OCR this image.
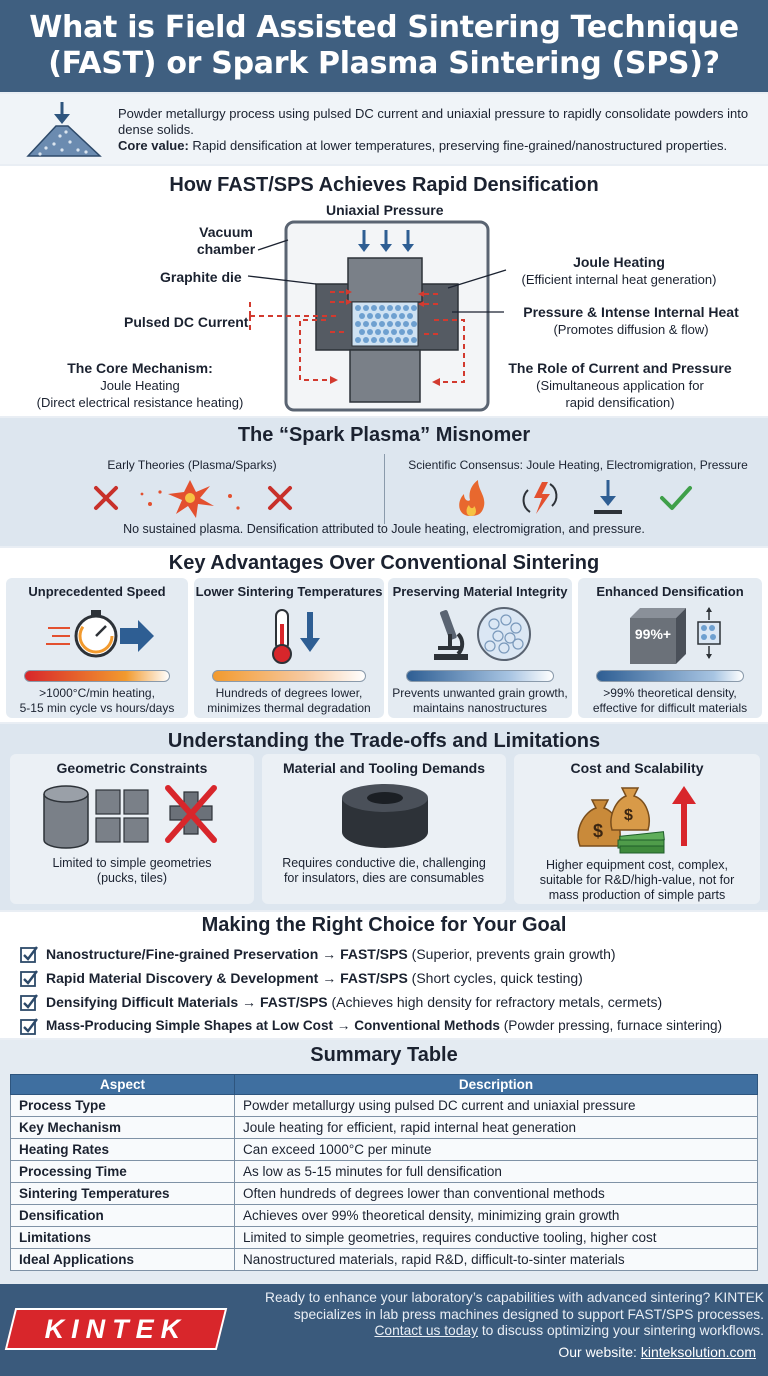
What is Field Assisted Sintering Technique
(FAST) or Spark Plasma Sintering (SPS)?
Powder metallurgy process using pulsed DC current and uniaxial pressure to rapidly consolidate powders into dense solids.
Core value: Rapid densification at lower temperatures, preserving fine-grained/nanostructured properties.
How FAST/SPS Achieves Rapid Densification
Uniaxial Pressure
Vacuum
chamber
Graphite die
Pulsed DC Current
The Core Mechanism:
Joule Heating
(Direct electrical resistance heating)
Joule Heating
(Efficient internal heat generation)
Pressure & Intense Internal Heat
(Promotes diffusion & flow)
The Role of Current and Pressure
(Simultaneous application for
rapid densification)
The “Spark Plasma” Misnomer
Early Theories (Plasma/Sparks)	Scientific Consensus: Joule Heating, Electromigration, Pressure
No sustained plasma. Densification attributed to Joule heating, electromigration, and pressure.
Key Advantages Over Conventional Sintering
Unprecedented Speed
>1000°C/min heating,
5-15 min cycle vs hours/days
Lower Sintering Temperatures
Hundreds of degrees lower,
minimizes thermal degradation
Preserving Material Integrity
Prevents unwanted grain growth,
maintains nanostructures
Enhanced Densification
99%+
>99% theoretical density,
effective for difficult materials
Understanding the Trade-offs and Limitations
Geometric Constraints
Limited to simple geometries
(pucks, tiles)
Material and Tooling Demands
Requires conductive die, challenging
for insulators, dies are consumables
Cost and Scalability
$
$
Higher equipment cost, complex,
suitable for R&D/high-value, not for
mass production of simple parts
Making the Right Choice for Your Goal
Nanostructure/Fine-grained Preservation → FAST/SPS (Superior, prevents grain growth)
Rapid Material Discovery & Development → FAST/SPS (Short cycles, quick testing)
Densifying Difficult Materials → FAST/SPS (Achieves high density for refractory metals, cermets)
Mass-Producing Simple Shapes at Low Cost → Conventional Methods (Powder pressing, furnace sintering)
Summary Table
Aspect	Description
Process Type	Powder metallurgy using pulsed DC current and uniaxial pressure
Key Mechanism	Joule heating for efficient, rapid internal heat generation
Heating Rates	Can exceed 1000°C per minute
Processing Time	As low as 5-15 minutes for full densification
Sintering Temperatures	Often hundreds of degrees lower than conventional methods
Densification	Achieves over 99% theoretical density, minimizing grain growth
Limitations	Limited to simple geometries, requires conductive tooling, higher cost
Ideal Applications	Nanostructured materials, rapid R&D, difficult-to-sinter materials
KINTEK
Ready to enhance your laboratory’s capabilities with advanced sintering? KINTEK specializes in lab press machines designed to support FAST/SPS processes. Contact us today to discuss optimizing your sintering workflows.
Our website: kinteksolution.com
